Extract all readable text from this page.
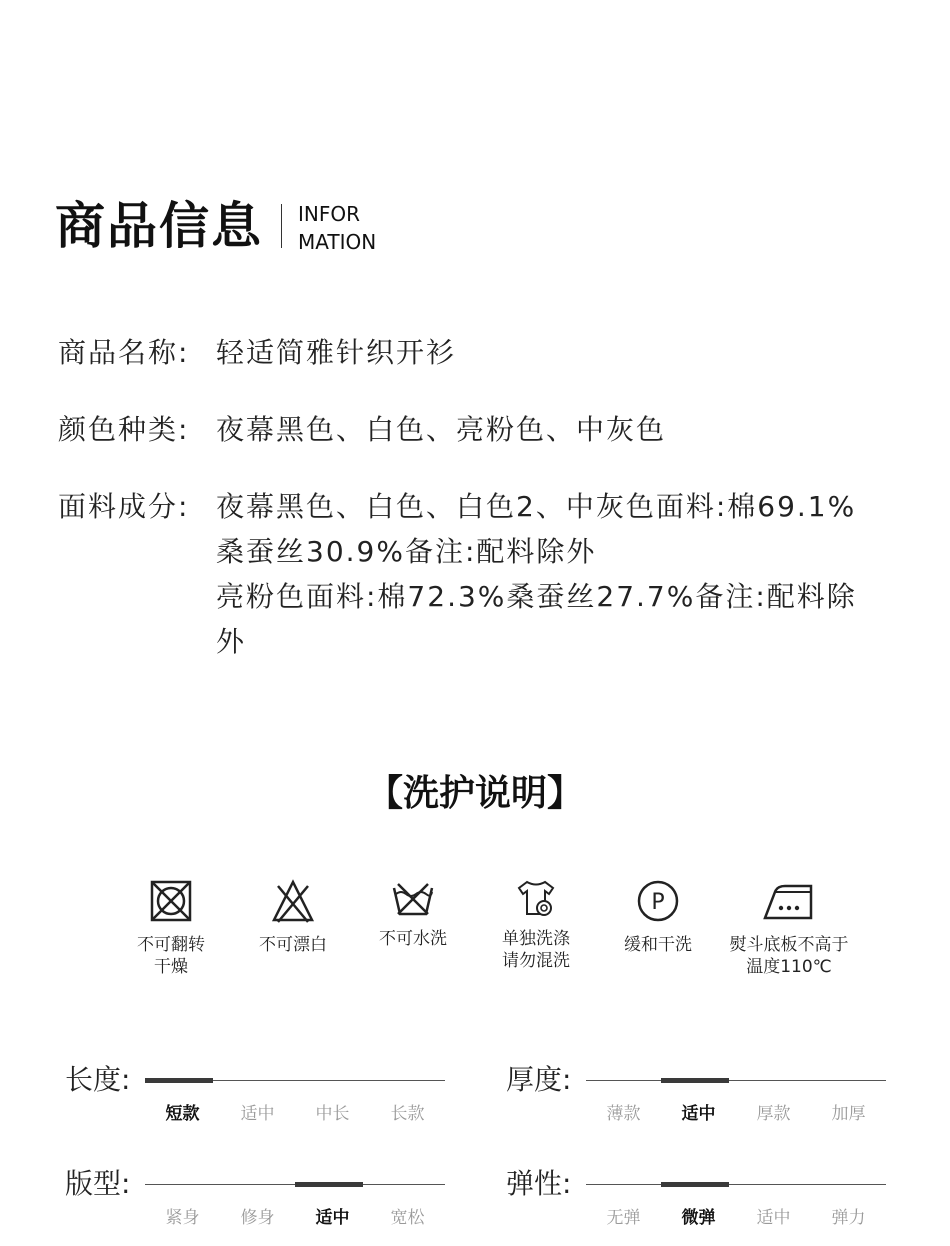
商品信息 INFOR
MATION
商品名称: 轻适简雅针织开衫
颜色种类: 夜幕黑色、白色、亮粉色、中灰色
面料成分: 夜幕黑色、白色、白色2、中灰色面料:棉69.1%
桑蚕丝30.9%备注:配料除外
亮粉色面料:棉72.3%桑蚕丝27.7%备注:配料除
外
【洗护说明】
不可翻转
干燥
不可漂白	不可水洗	单独洗涤
请勿混洗
P
缓和干洗	熨斗底板不高于
温度110℃
长度:
短款	适中	中长	长款
厚度:
薄款	适中	厚款	加厚
版型:
紧身	修身	适中	宽松
弹性:
无弹	微弹	适中	弹力
